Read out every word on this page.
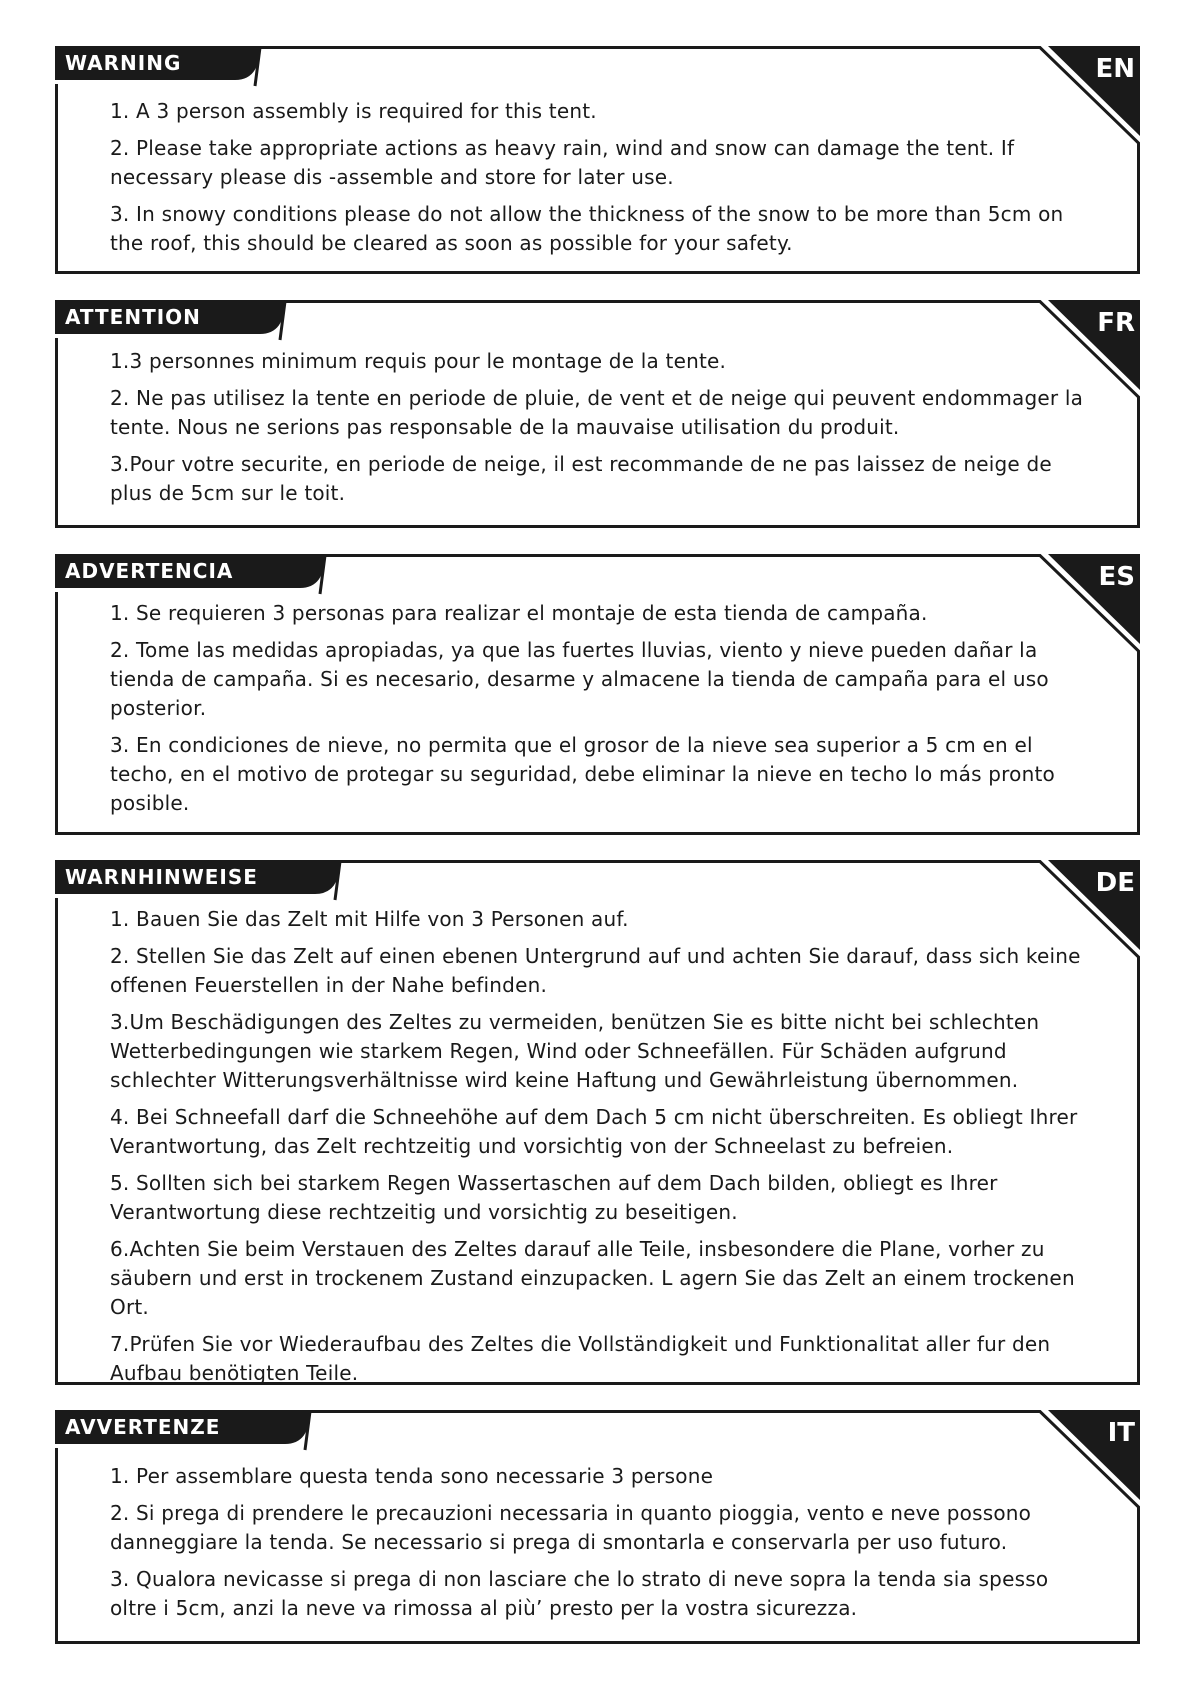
WARNING	EN
1. A 3 person assembly is required for this tent.
2. Please take appropriate actions as heavy rain, wind and snow can damage the tent. If necessary please dis -assemble and store for later use.
3. In snowy conditions please do not allow the thickness of the snow to be more than 5cm on the roof, this should be cleared as soon as possible for your safety.
ATTENTION	FR
1.3 personnes minimum requis pour le montage de la tente.
2. Ne pas utilisez la tente en periode de pluie, de vent et de neige qui peuvent endommager la tente. Nous ne serions pas responsable de la mauvaise utilisation du produit.
3.Pour votre securite, en periode de neige, il est recommande de ne pas laissez de neige de plus de 5cm sur le toit.
ADVERTENCIA	ES
1. Se requieren 3 personas para realizar el montaje de esta tienda de campaña.
2. Tome las medidas apropiadas, ya que las fuertes lluvias, viento y nieve pueden dañar la tienda de campaña. Si es necesario, desarme y almacene la tienda de campaña para el uso posterior.
3. En condiciones de nieve, no permita que el grosor de la nieve sea superior a 5 cm en el techo, en el motivo de protegar su seguridad, debe eliminar la nieve en techo lo más pronto posible.
WARNHINWEISE	DE
1. Bauen Sie das Zelt mit Hilfe von 3 Personen auf.
2. Stellen Sie das Zelt auf einen ebenen Untergrund auf und achten Sie darauf, dass sich keine offenen Feuerstellen in der Nahe befinden.
3.Um Beschädigungen des Zeltes zu vermeiden, benützen Sie es bitte nicht bei schlechten Wetterbedingungen wie starkem Regen, Wind oder Schneefällen. Für Schäden aufgrund schlechter Witterungsverhältnisse wird keine Haftung und Gewährleistung übernommen.
4. Bei Schneefall darf die Schneehöhe auf dem Dach 5 cm nicht überschreiten. Es obliegt Ihrer Verantwortung, das Zelt rechtzeitig und vorsichtig von der Schneelast zu befreien.
5. Sollten sich bei starkem Regen Wassertaschen auf dem Dach bilden, obliegt es Ihrer Verantwortung diese rechtzeitig und vorsichtig zu beseitigen.
6.Achten Sie beim Verstauen des Zeltes darauf alle Teile, insbesondere die Plane, vorher zu säubern und erst in trockenem Zustand einzupacken. L agern Sie das Zelt an einem trockenen Ort.
7.Prüfen Sie vor Wiederaufbau des Zeltes die Vollständigkeit und Funktionalitat aller fur den Aufbau benötigten Teile.
AVVERTENZE	IT
1. Per assemblare questa tenda sono necessarie 3 persone
2. Si prega di prendere le precauzioni necessaria in quanto pioggia, vento e neve possono danneggiare la tenda. Se necessario si prega di smontarla e conservarla per uso futuro.
3. Qualora nevicasse si prega di non lasciare che lo strato di neve sopra la tenda sia spesso oltre i 5cm, anzi la neve va rimossa al più’ presto per la vostra sicurezza.
